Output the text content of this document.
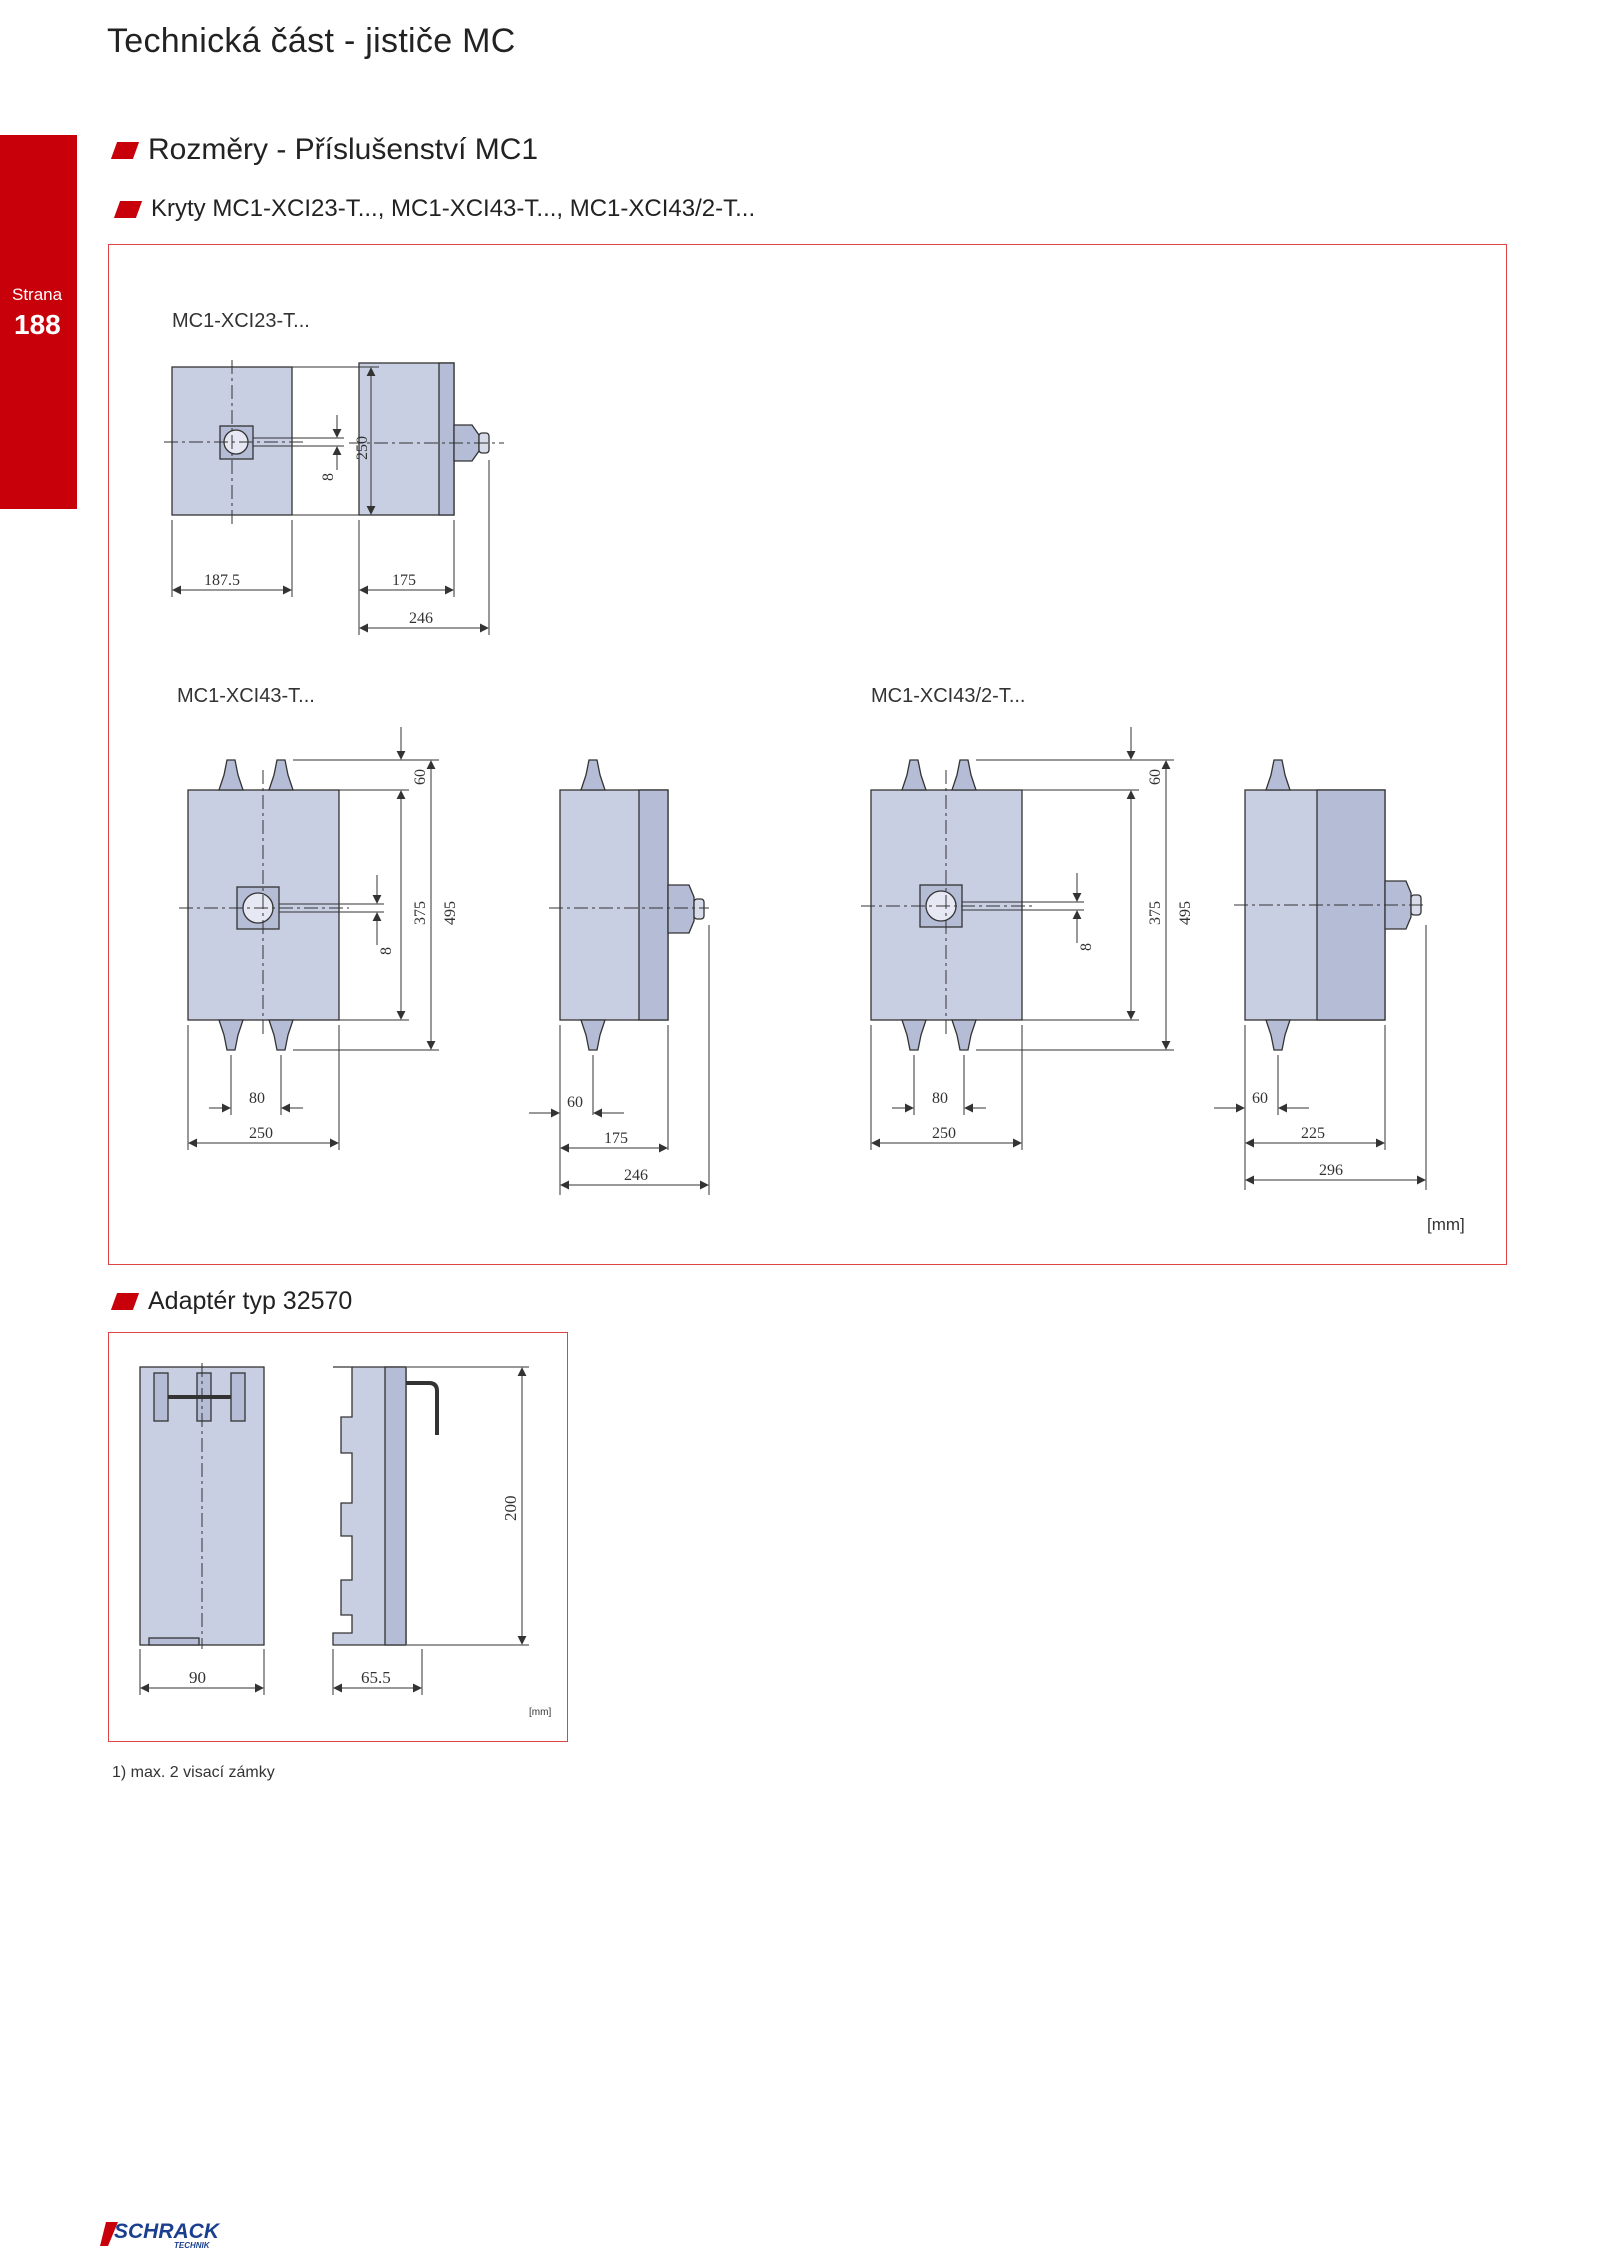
Technická část - jističe MC
Strana
188
Rozměry - Příslušenství MC1
Kryty MC1-XCI23-T..., MC1-XCI43-T..., MC1-XCI43/2-T...
MC1-XCI23-T...
MC1-XCI43-T...	MC1-XCI43/2-T...
187.5
250
8
175
246
60
375 495
8
80
250
60
175
246
60
375 495
8
80
250
60
225
296
[mm]
Adaptér typ 32570
200
90	65.5
[mm]
1) max. 2 visací zámky
SCHRACK
TECHNIK
